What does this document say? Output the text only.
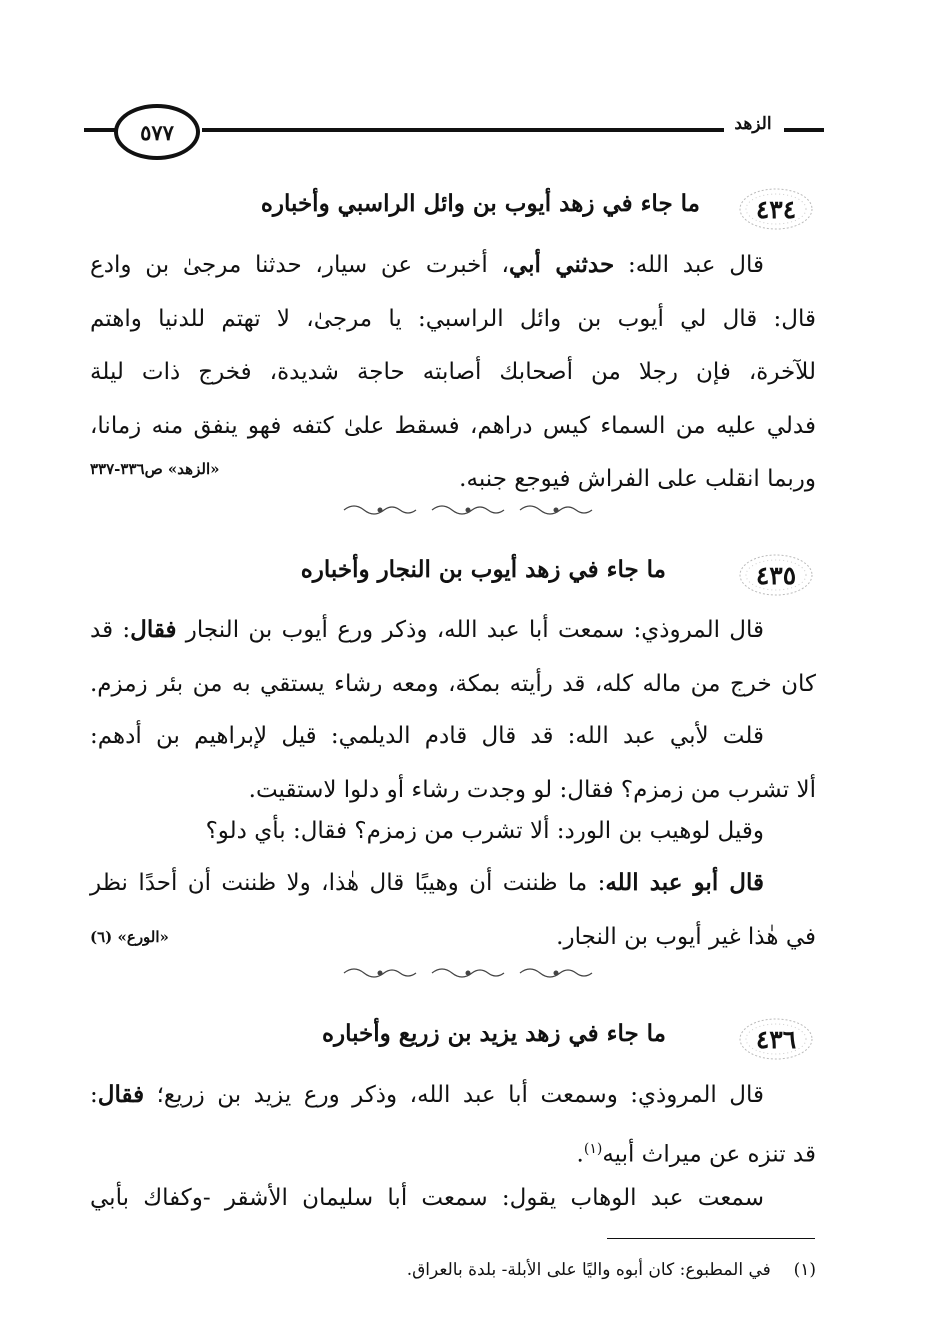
٥٧٧	الزهد
٤٣٤
ما جاء في زهد أيوب بن وائل الراسبي وأخباره
قال عبد الله: حدثني أبي، أخبرت عن سيار، حدثنا مرجىٰ بن وادع
قال: قال لي أيوب بن وائل الراسبي: يا مرجىٰ، لا تهتم للدنيا واهتم
للآخرة، فإن رجلا من أصحابك أصابته حاجة شديدة، فخرج ذات ليلة
فدلي عليه من السماء كيس دراهم، فسقط علىٰ كتفه فهو ينفق منه زمانا،
وربما انقلب على الفراش فيوجع جنبه.
«الزهد» ص٣٣٦-٣٣٧
٤٣٥
ما جاء في زهد أيوب بن النجار وأخباره
قال المروذي: سمعت أبا عبد الله، وذكر ورع أيوب بن النجار فقال: قد
كان خرج من ماله كله، قد رأيته بمكة، ومعه رشاء يستقي به من بئر زمزم.
قلت لأبي عبد الله: قد قال قادم الديلمي: قيل لإبراهيم بن أدهم:
ألا تشرب من زمزم؟ فقال: لو وجدت رشاء أو دلوا لاستقيت.
وقيل لوهيب بن الورد: ألا تشرب من زمزم؟ فقال: بأي دلو؟
قال أبو عبد الله: ما ظننت أن وهيبًا قال هٰذا، ولا ظننت أن أحدًا نظر
في هٰذا غير أيوب بن النجار.
«الورع» (٦)
٤٣٦
ما جاء في زهد يزيد بن زريع وأخباره
قال المروذي: وسمعت أبا عبد الله، وذكر ورع يزيد بن زريع؛ فقال:
قد تنزه عن ميراث أبيه$^{(١)}$.
سمعت عبد الوهاب يقول: سمعت أبا سليمان الأشقر -وكفاك بأبي
(١)  في المطبوع: كان أبوه واليًا على الأبلة- بلدة بالعراق.
